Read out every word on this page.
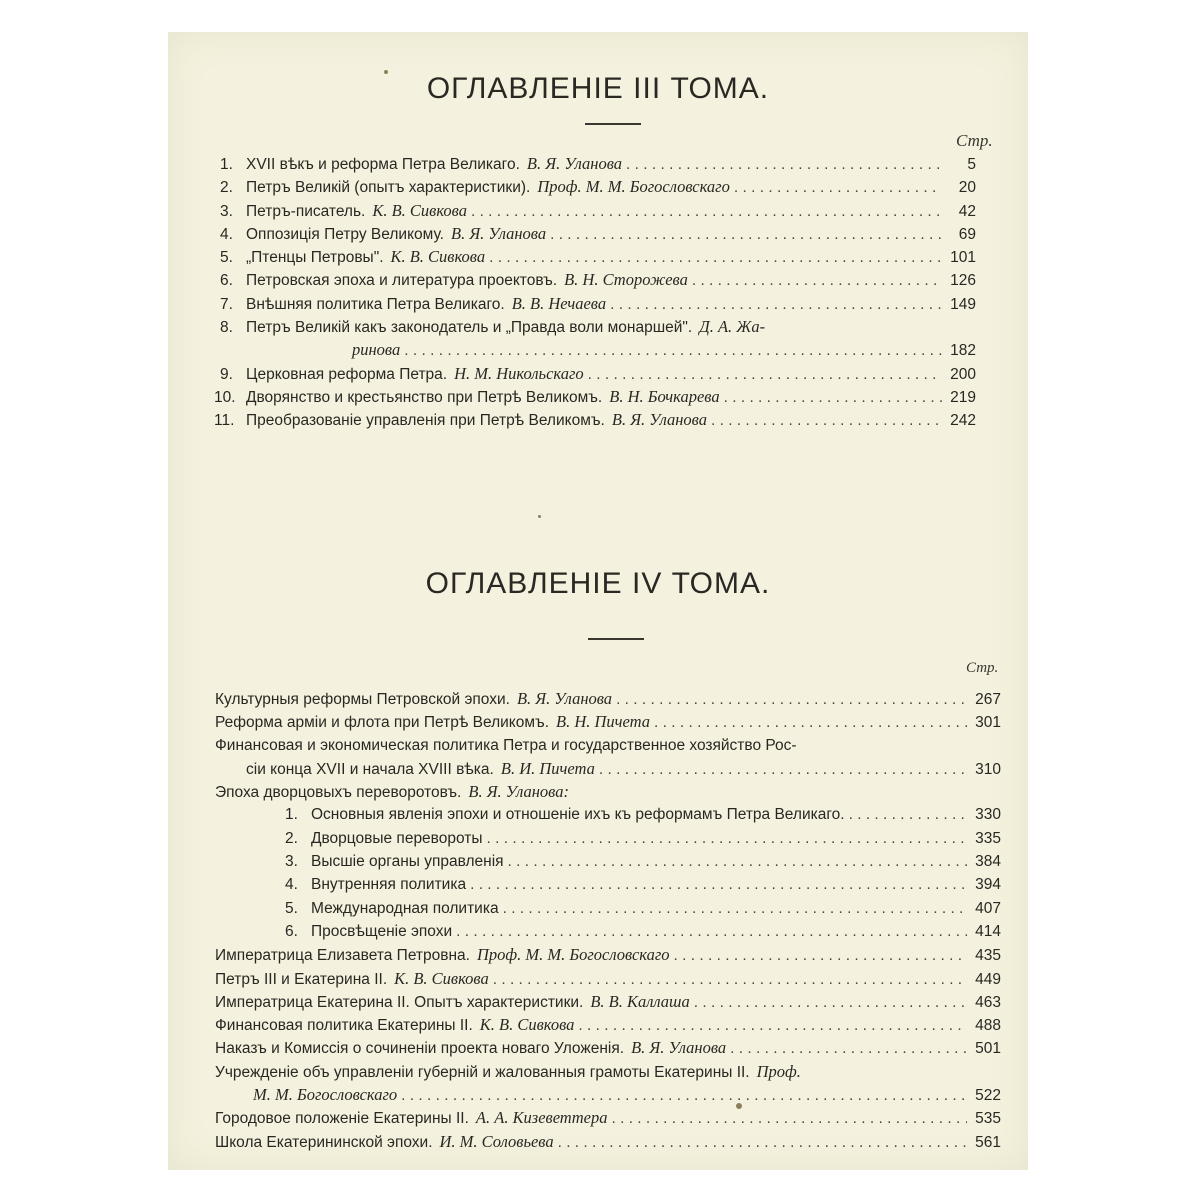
ОГЛАВЛЕНІЕ III ТОМА.
Стр.
1. XVII вѣкъ и реформа Петра Великаго. В. Я. Уланова . . .	5
2. Петръ Великій (опытъ характеристики). Проф. М. М. Богословскаго . . .	20
3. Петръ-писатель. К. В. Сивкова . . .	42
4. Оппозиція Петру Великому. В. Я. Уланова . . .	69
5. „Птенцы Петровы". К. В. Сивкова . . .	101
6. Петровская эпоха и литература проектовъ. В. Н. Сторожева . . .	126
7. Внѣшняя политика Петра Великаго. В. В. Нечаева . . .	149
8. Петръ Великій какъ законодатель и „Правда воли монаршей". Д. А. Жа-
ринова . . .	182
9. Церковная реформа Петра. Н. М. Никольскаго . . .	200
10. Дворянство и крестьянство при Петрѣ Великомъ. В. Н. Бочкарева . . .	219
11. Преобразованіе управленія при Петрѣ Великомъ. В. Я. Уланова . . .	242
ОГЛАВЛЕНІЕ IV ТОМА.
Стр.
Культурныя реформы Петровской эпохи. В. Я. Уланова . . .	267
Реформа арміи и флота при Петрѣ Великомъ. В. Н. Пичета . . .	301
Финансовая и экономическая политика Петра и государственное хозяйство Рос-
сіи конца XVII и начала XVIII вѣка. В. И. Пичета . . .	310
Эпоха дворцовыхъ переворотовъ. В. Я. Уланова:
1. Основныя явленія эпохи и отношеніе ихъ къ реформамъ Петра Великаго. . . .	330
2. Дворцовые перевороты . . .	335
3. Высшіе органы управленія . . .	384
4. Внутренняя политика . . .	394
5. Международная политика . . .	407
6. Просвѣщеніе эпохи . . .	414
Императрица Елизавета Петровна. Проф. М. М. Богословскаго . . .	435
Петръ III и Екатерина II. К. В. Сивкова . . .	449
Императрица Екатерина II. Опытъ характеристики. В. В. Каллаша . . .	463
Финансовая политика Екатерины II. К. В. Сивкова . . .	488
Наказъ и Комиссія о сочиненіи проекта новаго Уложенія. В. Я. Уланова . . .	501
Учрежденіе объ управленіи губерній и жалованныя грамоты Екатерины II. Проф.
М. М. Богословскаго . . .	522
Городовое положеніе Екатерины II. А. А. Кизеветтера . . .	535
Школа Екатерининской эпохи. И. М. Соловьева . . .	561
